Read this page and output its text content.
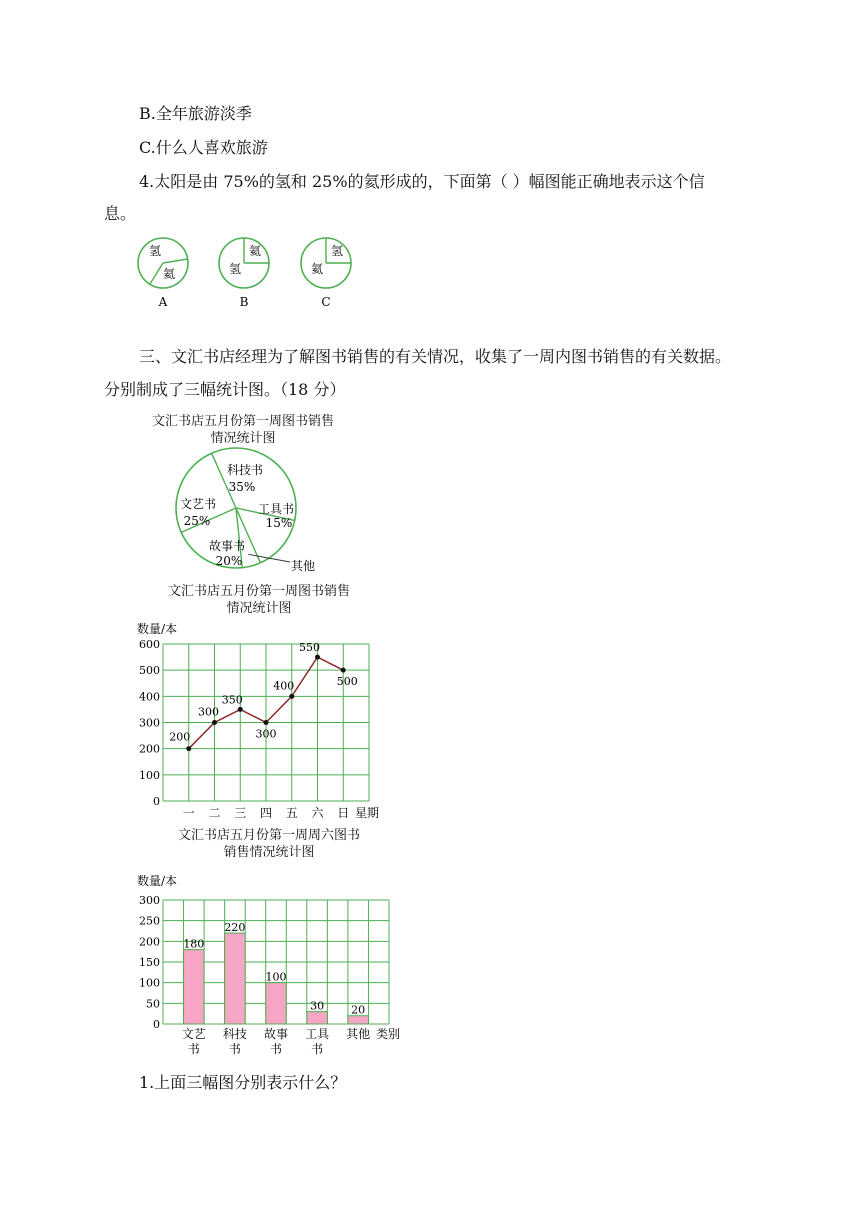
B.全年旅游淡季
C.什么人喜欢旅游
4.太阳是由 75%的氢和 25%的氦形成的，下面第（ ）幅图能正确地表示这个信
息。
氢
氦
A
氦
氢
B
氢
氦
C
三、文汇书店经理为了解图书销售的有关情况，收集了一周内图书销售的有关数据。
分别制成了三幅统计图。（18 分）
文汇书店五月份第一周图书销售
情况统计图
文汇书店五月份第一周图书销售
情况统计图
文汇书店五月份第一周周六图书
销售情况统计图
数量/本
星期
数量/本
类别
科技书
35%
工具书
15%
其他
故事书
20%
文艺书
25%
0
100
200
300
400
500
600
200
一
300
二
350
三
300
四
400
五
550
六
500
日
0
50
100
150
200
250
300
180
文艺
书
220
科技
书
100
故事
书
30
工具
书
20
其他
1.上面三幅图分别表示什么？
